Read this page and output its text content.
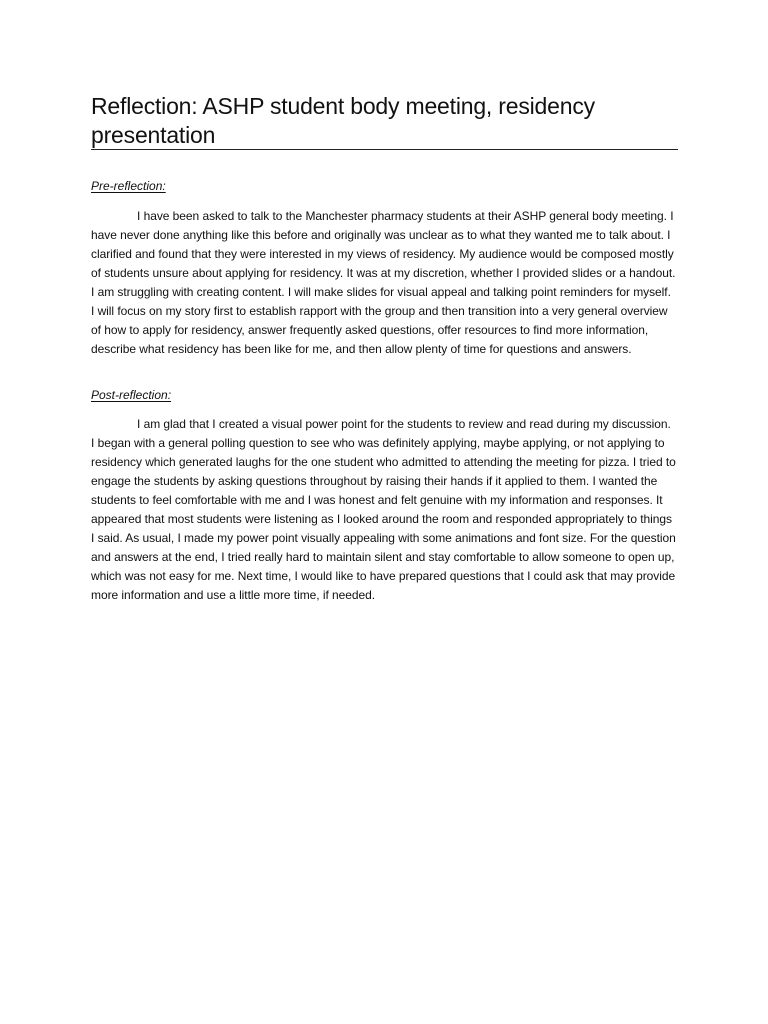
Reflection: ASHP student body meeting, residency presentation

Pre-reflection:

I have been asked to talk to the Manchester pharmacy students at their ASHP general body meeting. I have never done anything like this before and originally was unclear as to what they wanted me to talk about. I clarified and found that they were interested in my views of residency. My audience would be composed mostly of students unsure about applying for residency. It was at my discretion, whether I provided slides or a handout. I am struggling with creating content. I will make slides for visual appeal and talking point reminders for myself. I will focus on my story first to establish rapport with the group and then transition into a very general overview of how to apply for residency, answer frequently asked questions, offer resources to find more information, describe what residency has been like for me, and then allow plenty of time for questions and answers.

Post-reflection:

I am glad that I created a visual power point for the students to review and read during my discussion. I began with a general polling question to see who was definitely applying, maybe applying, or not applying to residency which generated laughs for the one student who admitted to attending the meeting for pizza. I tried to engage the students by asking questions throughout by raising their hands if it applied to them. I wanted the students to feel comfortable with me and I was honest and felt genuine with my information and responses. It appeared that most students were listening as I looked around the room and responded appropriately to things I said. As usual, I made my power point visually appealing with some animations and font size. For the question and answers at the end, I tried really hard to maintain silent and stay comfortable to allow someone to open up, which was not easy for me. Next time, I would like to have prepared questions that I could ask that may provide more information and use a little more time, if needed.
